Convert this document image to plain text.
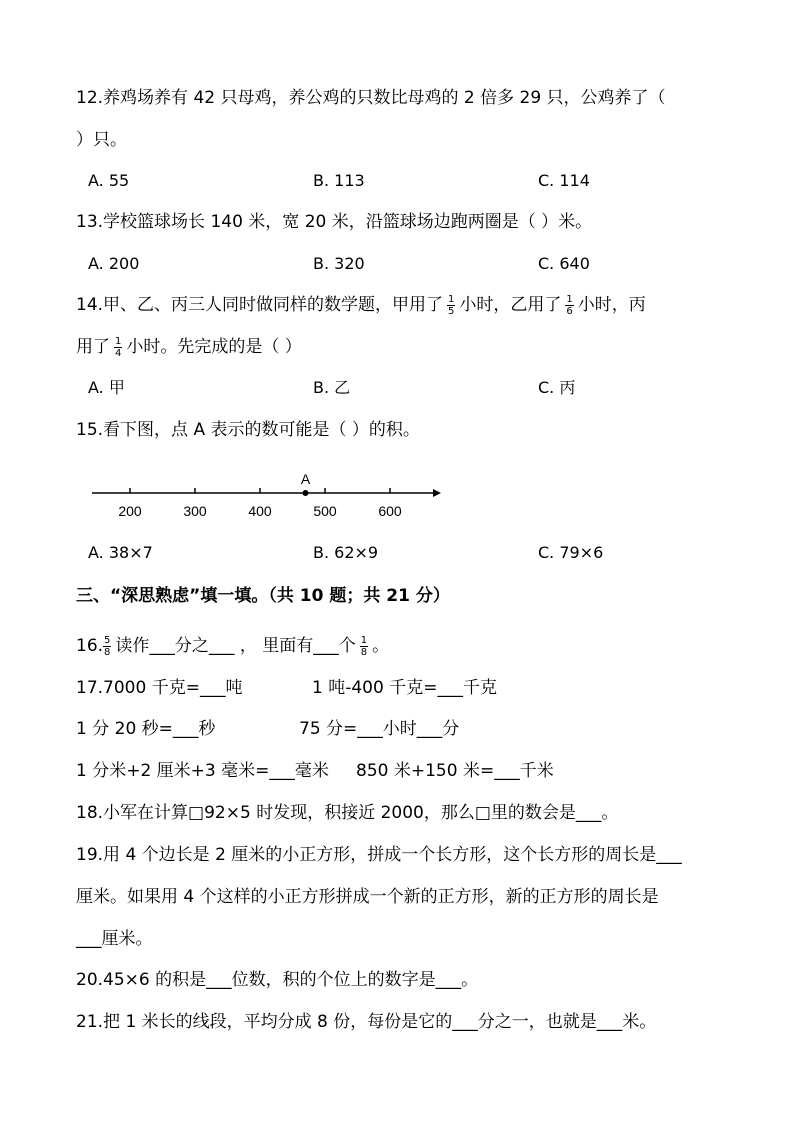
12.养鸡场养有 42 只母鸡，养公鸡的只数比母鸡的 2 倍多 29 只，公鸡养了（
）只。
A. 55	B. 113	C. 114
13.学校篮球场长 140 米，宽 20 米，沿篮球场边跑两圈是（ ）米。
A. 200	B. 320	C. 640
14.甲、乙、丙三人同时做同样的数学题，甲用了 $\frac{1}{5}$ 小时，乙用了 $\frac{1}{6}$ 小时，丙
用了 $\frac{1}{4}$ 小时。先完成的是（ ）
A. 甲	B. 乙	C. 丙
15.看下图，点 A 表示的数可能是（ ）的积。
200	300	400	500	600
A
A. 38×7	B. 62×9	C. 79×6
三、“深思熟虑”填一填。（共 10 题；共 21 分）
16. $\frac{5}{8}$ 读作___分之___ ， 里面有___个 $\frac{1}{8}$ 。
17.7000 千克=___吨	1 吨-400 千克=___千克
1 分 20 秒=___秒	75 分=___小时___分
1 分米+2 厘米+3 毫米=___毫米 850 米+150 米=___千米
18.小军在计算□92×5 时发现，积接近 2000，那么□里的数会是___。
19.用 4 个边长是 2 厘米的小正方形，拼成一个长方形，这个长方形的周长是___
厘米。如果用 4 个这样的小正方形拼成一个新的正方形，新的正方形的周长是
___厘米。
20.45×6 的积是___位数，积的个位上的数字是___。
21.把 1 米长的线段，平均分成 8 份，每份是它的___分之一，也就是___米。
